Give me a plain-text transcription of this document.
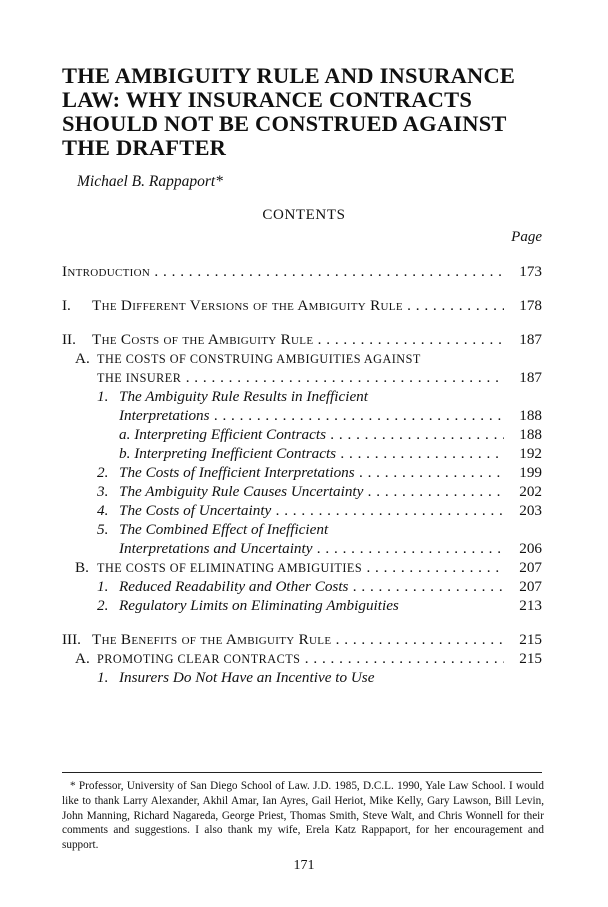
THE AMBIGUITY RULE AND INSURANCE
LAW: WHY INSURANCE CONTRACTS
SHOULD NOT BE CONSTRUED AGAINST
THE DRAFTER
Michael B. Rappaport*
CONTENTS
Page
Introduction . . .	173
I. The Different Versions of the Ambiguity Rule . . .	178
II. The Costs of the Ambiguity Rule . . .	187
A. THE COSTS OF CONSTRUING AMBIGUITIES AGAINST
THE INSURER . . .	187
1. The Ambiguity Rule Results in Inefficient
Interpretations . . .	188
a. Interpreting Efficient Contracts . . .	188
b. Interpreting Inefficient Contracts . . .	192
2. The Costs of Inefficient Interpretations . . .	199
3. The Ambiguity Rule Causes Uncertainty . . .	202
4. The Costs of Uncertainty . . .	203
5. The Combined Effect of Inefficient
Interpretations and Uncertainty . . .	206
B. THE COSTS OF ELIMINATING AMBIGUITIES . . .	207
1. Reduced Readability and Other Costs . . .	207
2. Regulatory Limits on Eliminating Ambiguities	213
III. The Benefits of the Ambiguity Rule . . .	215
A. PROMOTING CLEAR CONTRACTS . . .	215
1. Insurers Do Not Have an Incentive to Use
* Professor, University of San Diego School of Law. J.D. 1985, D.C.L. 1990, Yale Law School. I would like to thank Larry Alexander, Akhil Amar, Ian Ayres, Gail Heriot, Mike Kelly, Gary Lawson, Bill Levin, John Manning, Richard Nagareda, George Priest, Thomas Smith, Steve Walt, and Chris Wonnell for their comments and suggestions. I also thank my wife, Erela Katz Rappaport, for her encouragement and support.
171
